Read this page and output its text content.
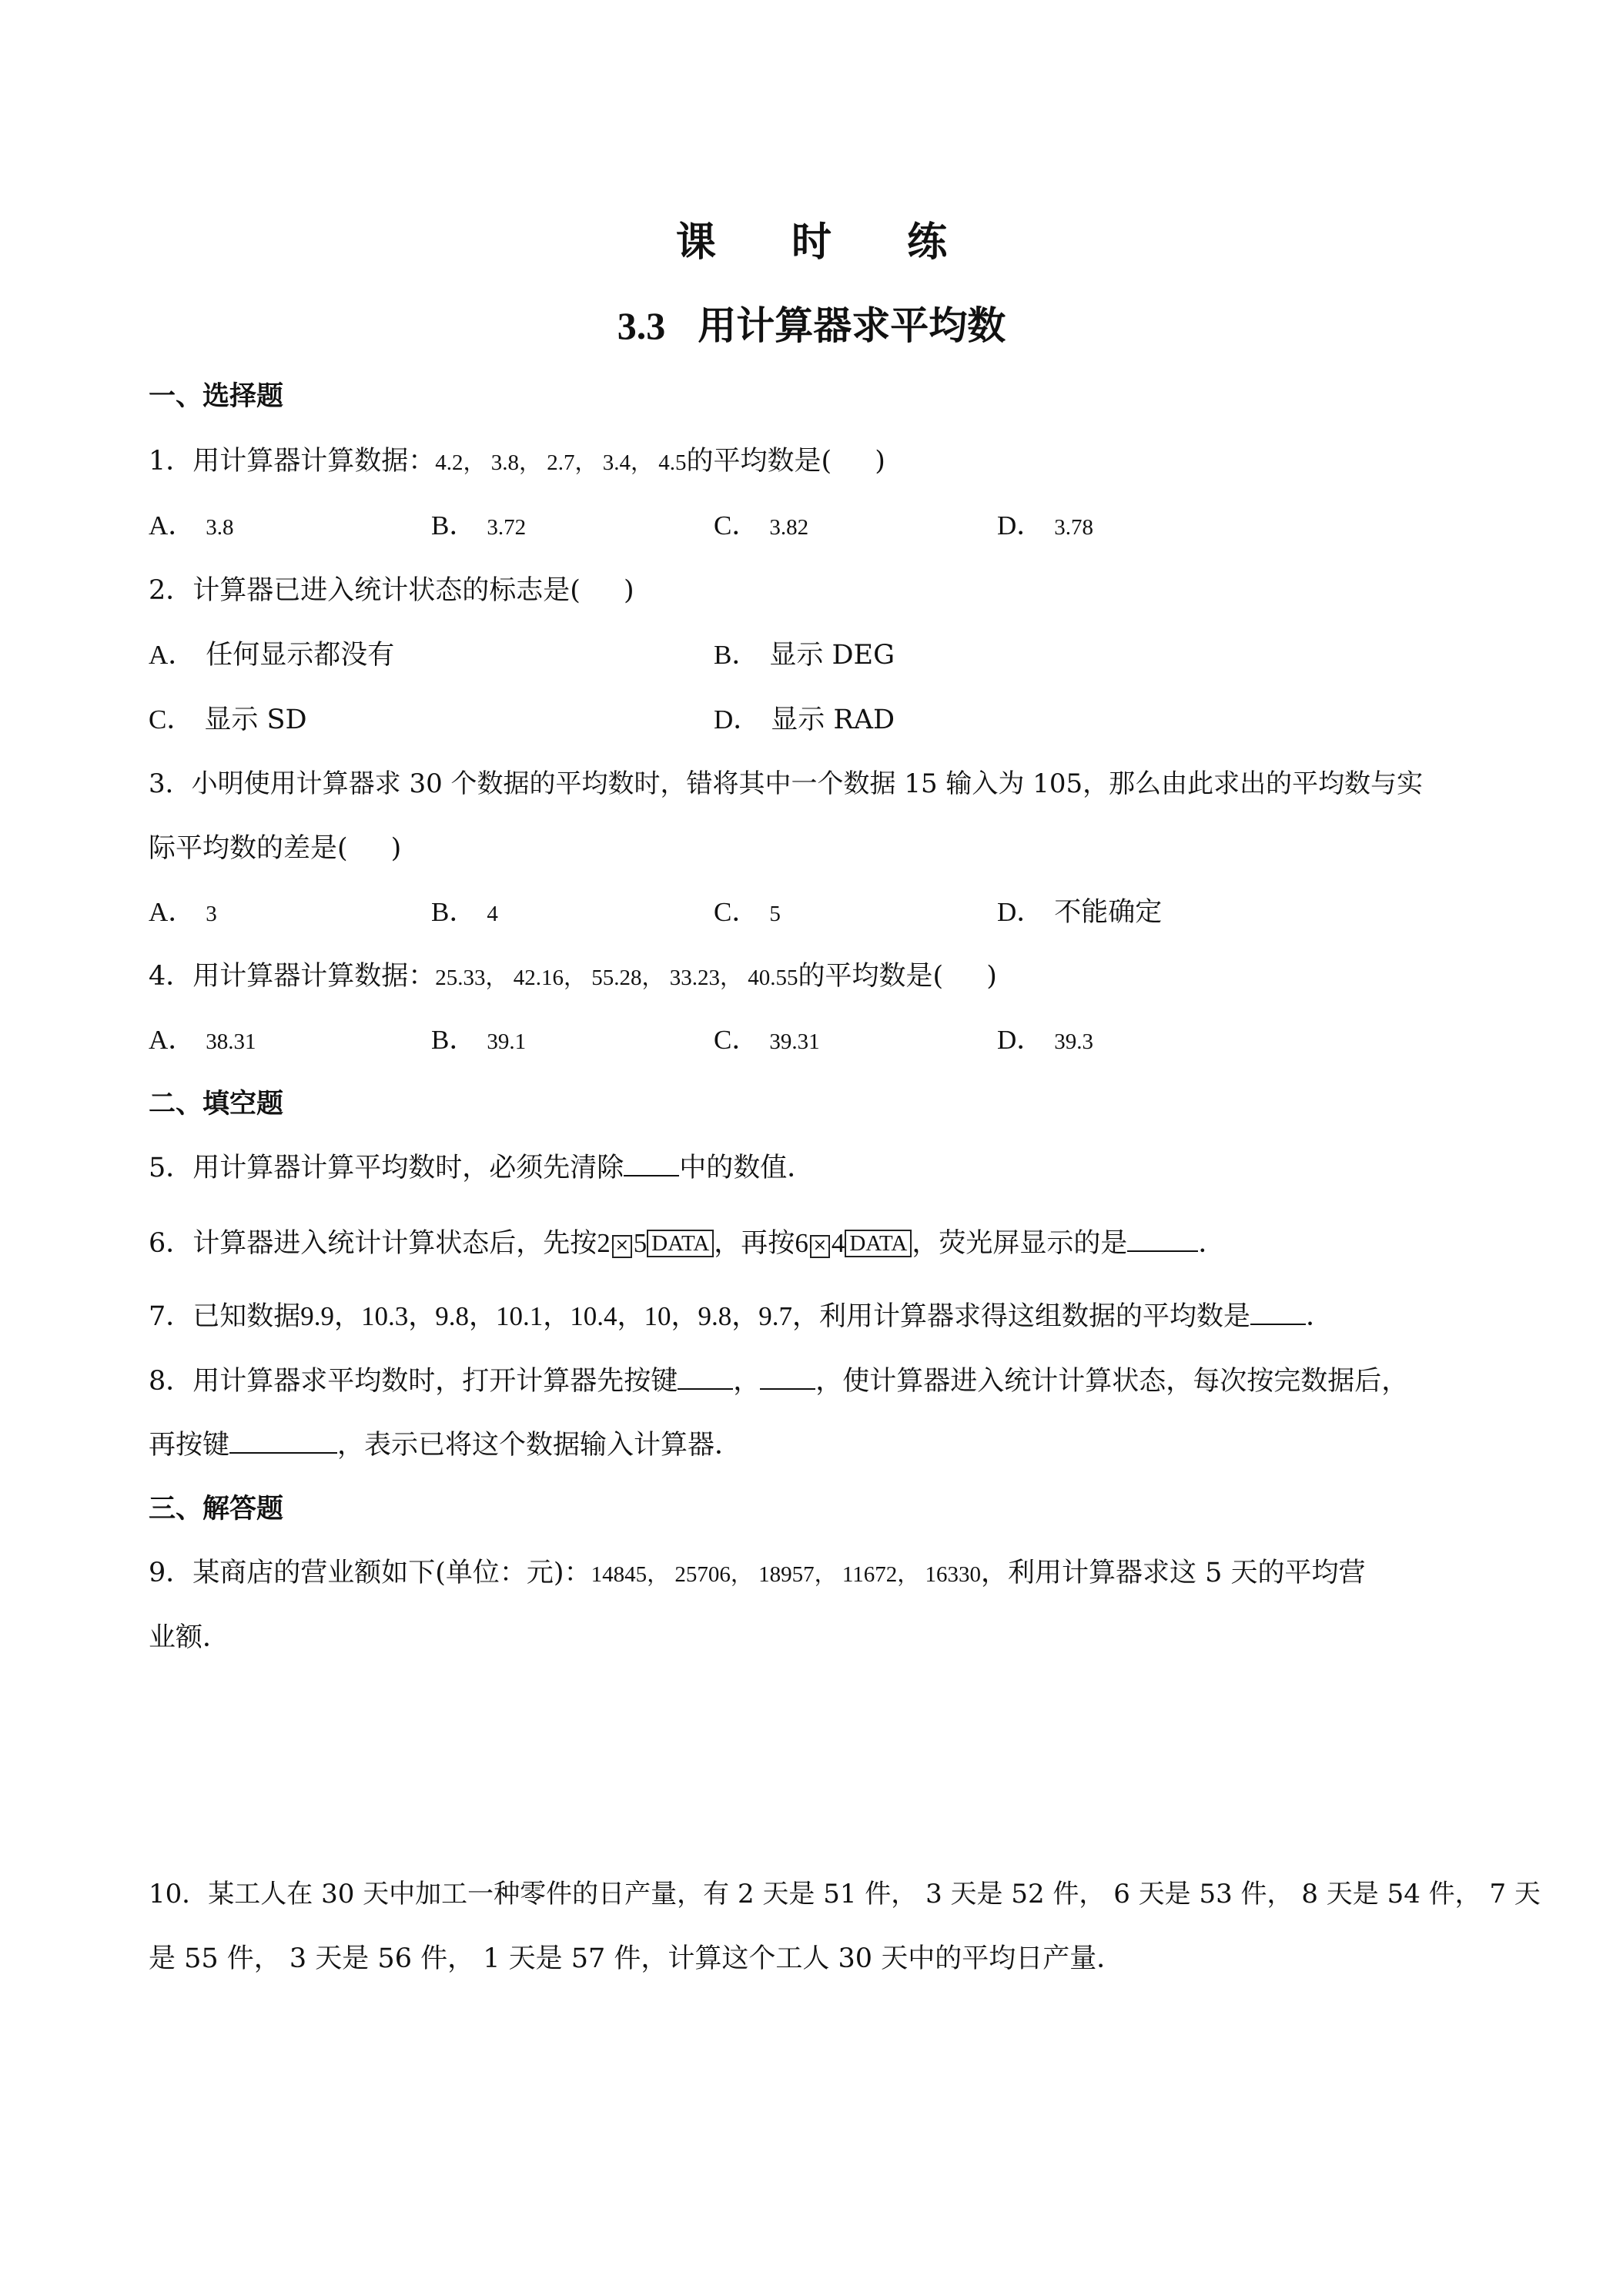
课 时 练
3.3 用计算器求平均数
一、选择题
1．用计算器计算数据：4.2， 3.8， 2.7， 3.4， 4.5的平均数是( )
A． 3.8	B． 3.72	C． 3.82	D． 3.78
2．计算器已进入统计状态的标志是( )
A． 任何显示都没有	B． 显示 DEG
C． 显示 SD	D． 显示 RAD
3．小明使用计算器求 30 个数据的平均数时，错将其中一个数据 15 输入为 105，那么由此求出的平均数与实
际平均数的差是( )
A． 3	B． 4	C． 5	D． 不能确定
4．用计算器计算数据：25.33， 42.16， 55.28， 33.23， 40.55的平均数是( )
A． 38.31	B． 39.1	C． 39.31	D． 39.3
二、填空题
5．用计算器计算平均数时，必须先清除 中的数值．
6．计算器进入统计计算状态后，先按2 × 5 DATA ，再按6 × 4 DATA ，荧光屏显示的是	．
7．已知数据9.9，10.3，9.8，10.1，10.4，10，9.8，9.7，利用计算器求得这组数据的平均数是 ．
8．用计算器求平均数时，打开计算器先按键 ， ，使计算器进入统计计算状态，每次按完数据后，
再按键	，表示已将这个数据输入计算器．
三、解答题
9．某商店的营业额如下(单位：元)：14845， 25706， 18957， 11672， 16330，利用计算器求这 5 天的平均营
业额．
10．某工人在 30 天中加工一种零件的日产量，有 2 天是 51 件， 3 天是 52 件， 6 天是 53 件， 8 天是 54 件， 7 天
是 55 件， 3 天是 56 件， 1 天是 57 件，计算这个工人 30 天中的平均日产量．
